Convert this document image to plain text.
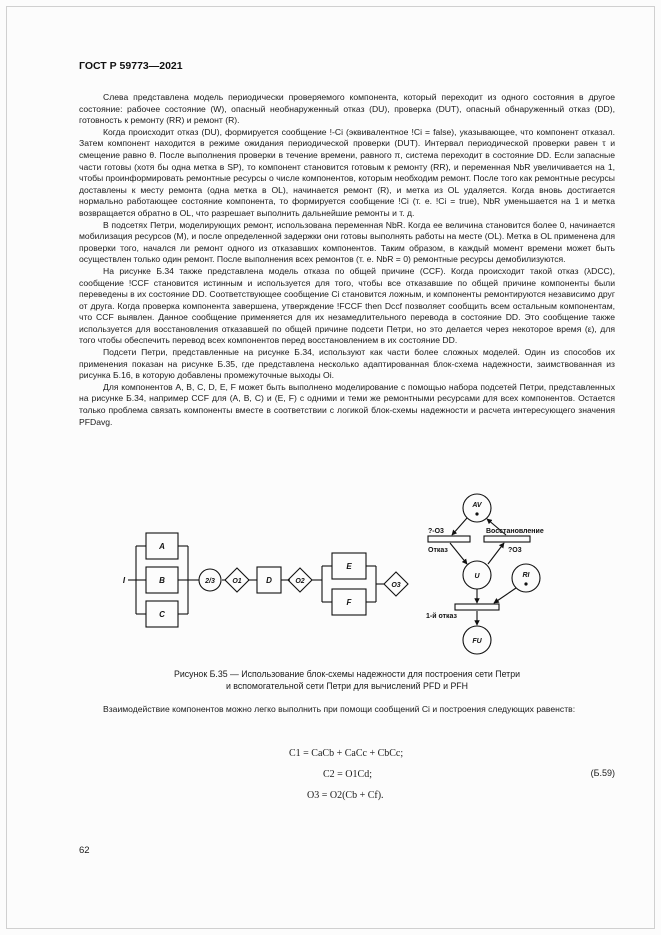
ГОСТ Р 59773—2021

Слева представлена модель периодически проверяемого компонента, который переходит из одного состояния в другое состояние: рабочее состояние (W), опасный необнаруженный отказ (DU), проверка (DUT), опасный обнаруженный отказ (DD), готовность к ремонту (RR) и ремонт (R).

Когда происходит отказ (DU), формируется сообщение !-Ci (эквивалентное !Ci = false), указывающее, что компонент отказал. Затем компонент находится в режиме ожидания периодической проверки (DUT). Интервал периодической проверки равен τ и смещение равно θ. После выполнения проверки в течение времени, равного π, система переходит в состояние DD. Если запасные части готовы (хотя бы одна метка в SP), то компонент становится готовым к ремонту (RR), и переменная NbR увеличивается на 1, чтобы проинформировать ремонтные ресурсы о числе компонентов, которым необходим ремонт. После того как ремонтные ресурсы доставлены к месту ремонта (одна метка в OL), начинается ремонт (R), и метка из OL удаляется. Когда вновь достигается нормально работающее состояние компонента, то формируется сообщение !Ci (т. е. !Ci = true), NbR уменьшается на 1 и метка возвращается обратно в OL, что разрешает выполнить дальнейшие ремонты и т. д.

В подсетях Петри, моделирующих ремонт, использована переменная NbR. Когда ее величина становится более 0, начинается мобилизация ресурсов (M), и после определенной задержки они готовы выполнять работы на месте (OL). Метка в OL применена для проверки того, начался ли ремонт одного из отказавших компонентов. Таким образом, в каждый момент времени может быть осуществлен только один ремонт. После выполнения всех ремонтов (т. е. NbR = 0) ремонтные ресурсы демобилизуются.

На рисунке Б.34 также представлена модель отказа по общей причине (CCF). Когда происходит такой отказ (λDCC), сообщение !CCF становится истинным и используется для того, чтобы все отказавшие по общей причине компоненты были переведены в их состояние DD. Соответствующее сообщение Ci становится ложным, и компоненты ремонтируются независимо друг от друга. Когда проверка компонента завершена, утверждение !FCCF then Dccf позволяет сообщить всем остальным компонентам, что CCF выявлен. Данное сообщение применяется для их незамедлительного перевода в состояние DD. Это сообщение также используется для восстановления отказавшей по общей причине подсети Петри, но это делается через некоторое время (ε), для того чтобы обеспечить перевод всех компонентов перед восстановлением в их состояние DD.

Подсети Петри, представленные на рисунке Б.34, используют как части более сложных моделей. Один из способов их применения показан на рисунке Б.35, где представлена несколько адаптированная блок-схема надежности, заимствованная из рисунка Б.16, в которую добавлены промежуточные выходы Oi.

Для компонентов A, B, C, D, E, F может быть выполнено моделирование с помощью набора подсетей Петри, представленных на рисунке Б.34, например CCF для (A, B, C) и (E, F) с одними и теми же ремонтными ресурсами для всех компонентов. Остается только проблема связать компоненты вместе в соответствии с логикой блок-схемы надежности и расчета интересующего значения PFDavg.

I
A
B
C
D
E
F
2/3 O1	O2
O3
AV
U	RI
FU
?-O3	Восстановление
Отказ	?O3
1-й отказ
Рисунок Б.35 — Использование блок-схемы надежности для построения сети Петри
и вспомогательной сети Петри для вычислений PFD и PFH

Взаимодействие компонентов можно легко выполнить при помощи сообщений Ci и построения следующих равенств:

C1 = CaCb + CaCc + CbCc;
C2 = O1Cd;
O3 = O2(Cb + Cf).
(Б.59)
62
